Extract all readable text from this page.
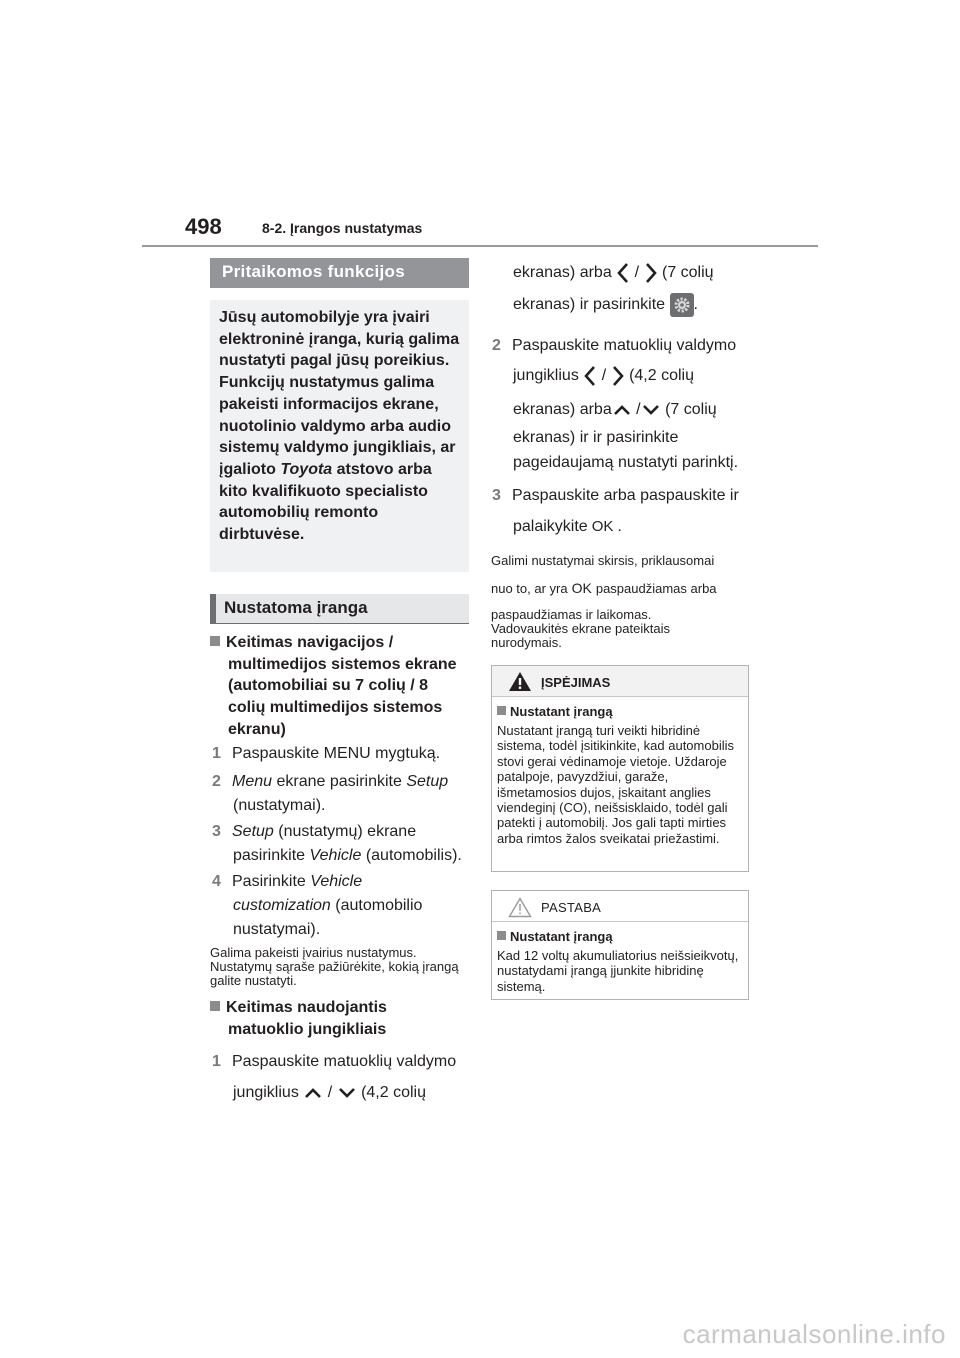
498	8-2. Įrangos nustatymas
Pritaikomos funkcijos
Jūsų automobilyje yra įvairi elektroninė įranga, kurią galima nustatyti pagal jūsų poreikius. Funkcijų nustatymus galima pakeisti informacijos ekrane, nuotolinio valdymo arba audio sistemų valdymo jungikliais, ar įgalioto Toyota atstovo arba kito kvalifikuoto specialisto automobilių remonto dirbtuvėse.
Nustatoma įranga
Keitimas navigacijos /
multimedijos sistemos ekrane (automobiliai su 7 colių / 8 colių multimedijos sistemos ekranu)
1 Paspauskite MENU mygtuką.
2 Menu ekrane pasirinkite Setup
(nustatymai).
3 Setup (nustatymų) ekrane
pasirinkite Vehicle (automobilis).
4 Pasirinkite Vehicle
customization (automobilio
nustatymai).
Galima pakeisti įvairius nustatymus. Nustatymų sąraše pažiūrėkite, kokią įrangą galite nustatyti.
Keitimas naudojantis
matuoklio jungikliais
1 Paspauskite matuoklių valdymo
jungiklius / (4,2 colių
ekranas) arba / (7 colių
ekranas) ir pasirinkite .
2 Paspauskite matuoklių valdymo
jungiklius / (4,2 colių
ekranas) arba / (7 colių
ekranas) ir ir pasirinkite
pageidaujamą nustatyti parinktį.
3 Paspauskite arba paspauskite ir
palaikykite OK .
Galimi nustatymai skirsis, priklausomai
nuo to, ar yra OK paspaudžiamas arba
paspaudžiamas ir laikomas. Vadovaukitės ekrane pateiktais nurodymais.
ĮSPĖJIMAS
Nustatant įrangą
Nustatant įrangą turi veikti hibridinė sistema, todėl įsitikinkite, kad automobilis stovi gerai vėdinamoje vietoje. Uždaroje patalpoje, pavyzdžiui, garaže, išmetamosios dujos, įskaitant anglies viendeginį (CO), neišsisklaido, todėl gali patekti į automobilį. Jos gali tapti mirties arba rimtos žalos sveikatai priežastimi.
PASTABA
Nustatant įrangą
Kad 12 voltų akumuliatorius neišsieikvotų, nustatydami įrangą įjunkite hibridinę sistemą.
carmanualsonline.info
